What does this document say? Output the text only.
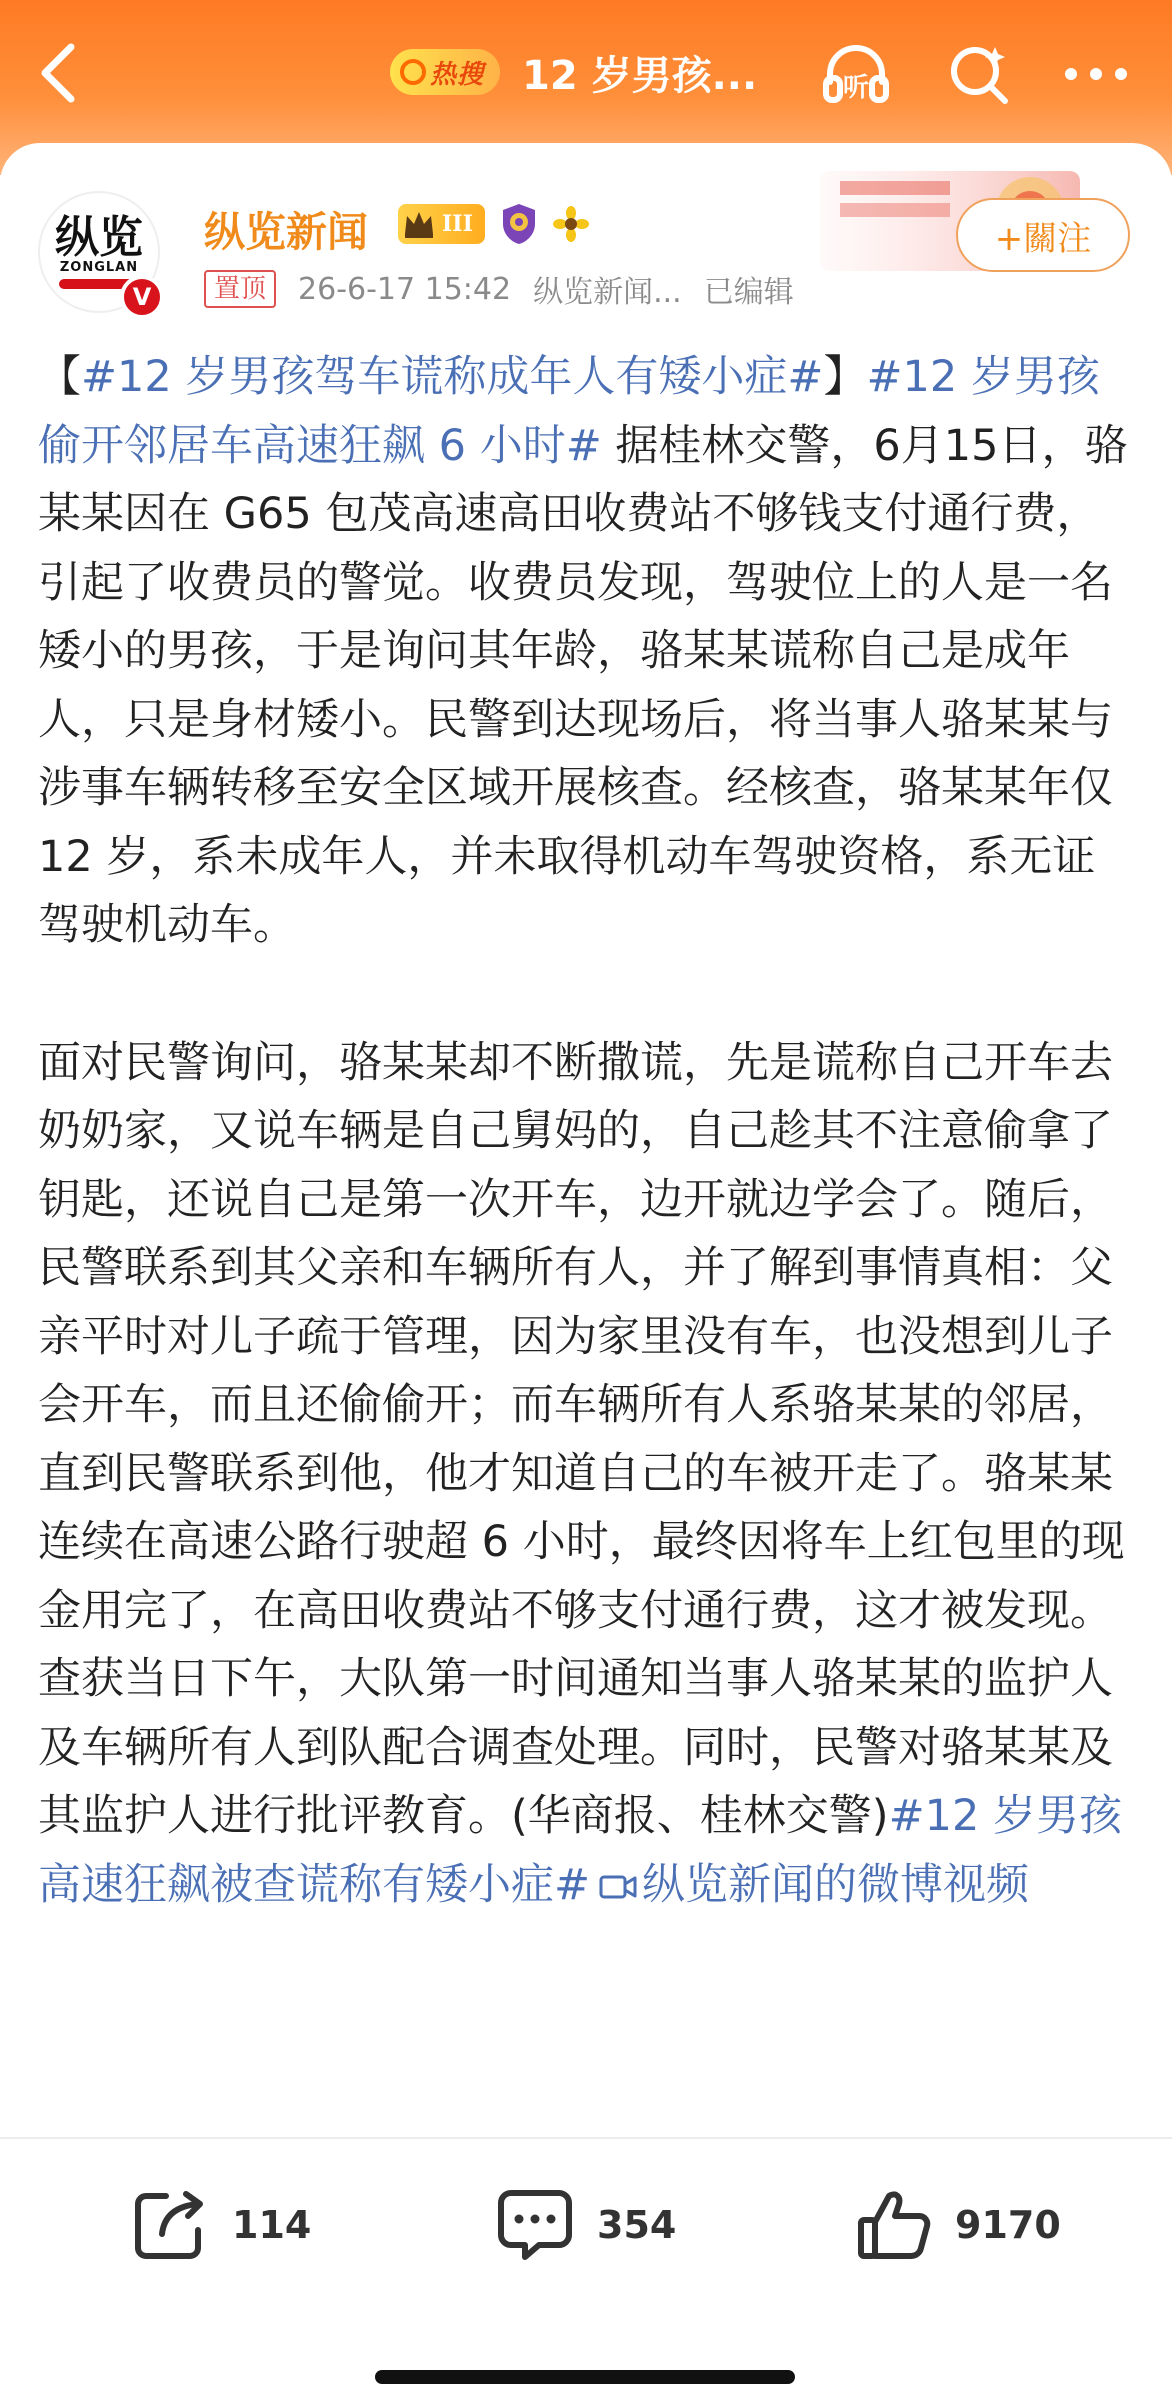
热搜 12 岁男孩...	听
纵览
ZONGLAN
V
纵览新闻	III
置顶	26-6-17 15:42 纵览新闻... 已编辑
+關注

【#12 岁男孩驾车谎称成年人有矮小症#】#12 岁男孩偷开邻居车高速狂飙 6 小时# 据桂林交警，6月15日，骆某某因在 G65 包茂高速高田收费站不够钱支付通行费，引起了收费员的警觉。收费员发现，驾驶位上的人是一名矮小的男孩，于是询问其年龄，骆某某谎称自己是成年人，只是身材矮小。民警到达现场后，将当事人骆某某与涉事车辆转移至安全区域开展核查。经核查，骆某某年仅 12 岁，系未成年人，并未取得机动车驾驶资格，系无证驾驶机动车。

面对民警询问，骆某某却不断撒谎，先是谎称自己开车去奶奶家，又说车辆是自己舅妈的，自己趁其不注意偷拿了钥匙，还说自己是第一次开车，边开就边学会了。随后，民警联系到其父亲和车辆所有人，并了解到事情真相：父亲平时对儿子疏于管理，因为家里没有车，也没想到儿子会开车，而且还偷偷开；而车辆所有人系骆某某的邻居，直到民警联系到他，他才知道自己的车被开走了。骆某某连续在高速公路行驶超 6 小时，最终因将车上红包里的现金用完了，在高田收费站不够支付通行费，这才被发现。查获当日下午，大队第一时间通知当事人骆某某的监护人及车辆所有人到队配合调查处理。同时，民警对骆某某及其监护人进行批评教育。(华商报、桂林交警)#12 岁男孩高速狂飙被查谎称有矮小症# 纵览新闻的微博视频

114	354	9170
